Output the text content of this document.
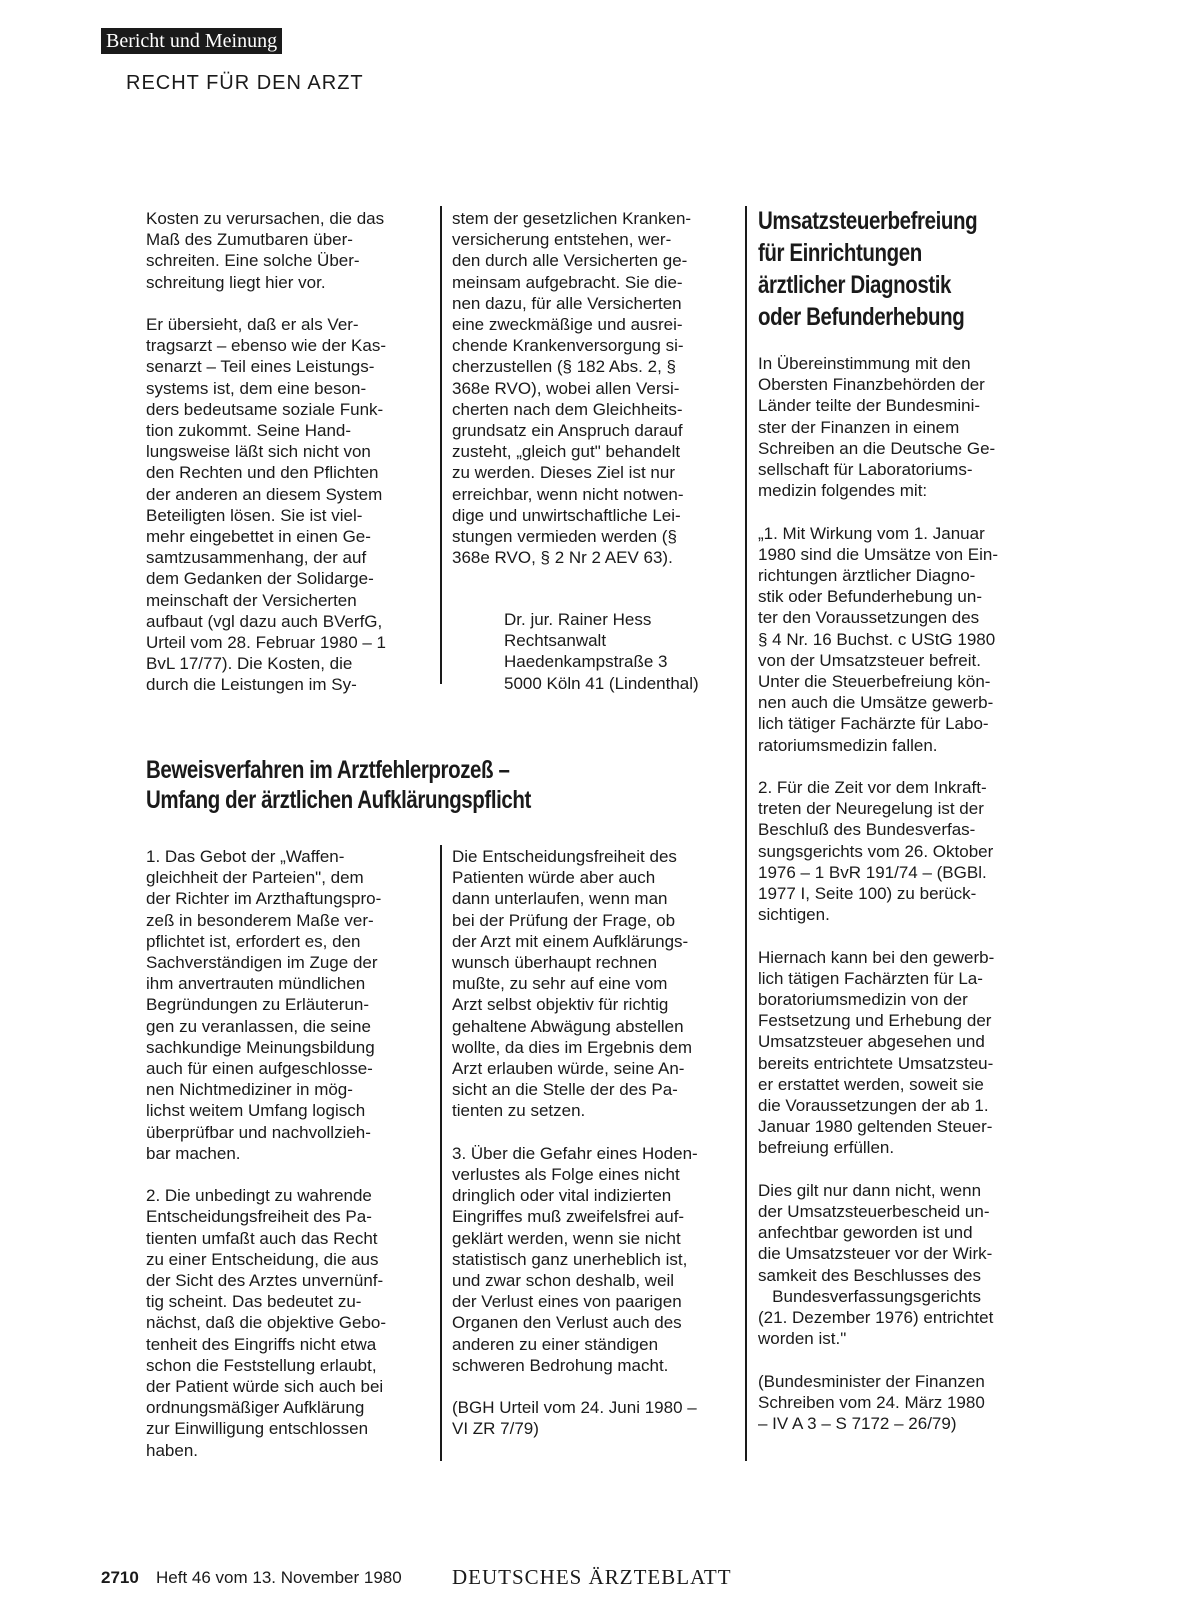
Bericht und Meinung
RECHT FÜR DEN ARZT

Kosten zu verursachen, die das
Maß des Zumutbaren über-
schreiten. Eine solche Über-
schreitung liegt hier vor.

Er übersieht, daß er als Ver-
tragsarzt – ebenso wie der Kas-
senarzt – Teil eines Leistungs-
systems ist, dem eine beson-
ders bedeutsame soziale Funk-
tion zukommt. Seine Hand-
lungsweise läßt sich nicht von
den Rechten und den Pflichten
der anderen an diesem System
Beteiligten lösen. Sie ist viel-
mehr eingebettet in einen Ge-
samtzusammenhang, der auf
dem Gedanken der Solidarge-
meinschaft der Versicherten
aufbaut (vgl dazu auch BVerfG,
Urteil vom 28. Februar 1980 – 1
BvL 17/77). Die Kosten, die
durch die Leistungen im Sy-

stem der gesetzlichen Kranken-
versicherung entstehen, wer-
den durch alle Versicherten ge-
meinsam aufgebracht. Sie die-
nen dazu, für alle Versicherten
eine zweckmäßige und ausrei-
chende Krankenversorgung si-
cherzustellen (§ 182 Abs. 2, §
368e RVO), wobei allen Versi-
cherten nach dem Gleichheits-
grundsatz ein Anspruch darauf
zusteht, „gleich gut" behandelt
zu werden. Dieses Ziel ist nur
erreichbar, wenn nicht notwen-
dige und unwirtschaftliche Lei-
stungen vermieden werden (§
368e RVO, § 2 Nr 2 AEV 63).

Dr. jur. Rainer Hess
Rechtsanwalt
Haedenkampstraße 3
5000 Köln 41 (Lindenthal)
Beweisverfahren im Arztfehlerprozeß –
Umfang der ärztlichen Aufklärungspflicht

1. Das Gebot der „Waffen-
gleichheit der Parteien", dem
der Richter im Arzthaftungspro-
zeß in besonderem Maße ver-
pflichtet ist, erfordert es, den
Sachverständigen im Zuge der
ihm anvertrauten mündlichen
Begründungen zu Erläuterun-
gen zu veranlassen, die seine
sachkundige Meinungsbildung
auch für einen aufgeschlosse-
nen Nichtmediziner in mög-
lichst weitem Umfang logisch
überprüfbar und nachvollzieh-
bar machen.

2. Die unbedingt zu wahrende
Entscheidungsfreiheit des Pa-
tienten umfaßt auch das Recht
zu einer Entscheidung, die aus
der Sicht des Arztes unvernünf-
tig scheint. Das bedeutet zu-
nächst, daß die objektive Gebo-
tenheit des Eingriffs nicht etwa
schon die Feststellung erlaubt,
der Patient würde sich auch bei
ordnungsmäßiger Aufklärung
zur Einwilligung entschlossen
haben.

Die Entscheidungsfreiheit des
Patienten würde aber auch
dann unterlaufen, wenn man
bei der Prüfung der Frage, ob
der Arzt mit einem Aufklärungs-
wunsch überhaupt rechnen
mußte, zu sehr auf eine vom
Arzt selbst objektiv für richtig
gehaltene Abwägung abstellen
wollte, da dies im Ergebnis dem
Arzt erlauben würde, seine An-
sicht an die Stelle der des Pa-
tienten zu setzen.

3. Über die Gefahr eines Hoden-
verlustes als Folge eines nicht
dringlich oder vital indizierten
Eingriffes muß zweifelsfrei auf-
geklärt werden, wenn sie nicht
statistisch ganz unerheblich ist,
und zwar schon deshalb, weil
der Verlust eines von paarigen
Organen den Verlust auch des
anderen zu einer ständigen
schweren Bedrohung macht.

(BGH Urteil vom 24. Juni 1980 –
VI ZR 7/79)

Umsatzsteuerbefreiung
für Einrichtungen
ärztlicher Diagnostik
oder Befunderhebung

In Übereinstimmung mit den
Obersten Finanzbehörden der
Länder teilte der Bundesmini-
ster der Finanzen in einem
Schreiben an die Deutsche Ge-
sellschaft für Laboratoriums-
medizin folgendes mit:

„1. Mit Wirkung vom 1. Januar
1980 sind die Umsätze von Ein-
richtungen ärztlicher Diagno-
stik oder Befunderhebung un-
ter den Voraussetzungen des
§ 4 Nr. 16 Buchst. c UStG 1980
von der Umsatzsteuer befreit.
Unter die Steuerbefreiung kön-
nen auch die Umsätze gewerb-
lich tätiger Fachärzte für Labo-
ratoriumsmedizin fallen.

2. Für die Zeit vor dem Inkraft-
treten der Neuregelung ist der
Beschluß des Bundesverfas-
sungsgerichts vom 26. Oktober
1976 – 1 BvR 191/74 – (BGBl.
1977 I, Seite 100) zu berück-
sichtigen.

Hiernach kann bei den gewerb-
lich tätigen Fachärzten für La-
boratoriumsmedizin von der
Festsetzung und Erhebung der
Umsatzsteuer abgesehen und
bereits entrichtete Umsatzsteu-
er erstattet werden, soweit sie
die Voraussetzungen der ab 1.
Januar 1980 geltenden Steuer-
befreiung erfüllen.

Dies gilt nur dann nicht, wenn
der Umsatzsteuerbescheid un-
anfechtbar geworden ist und
die Umsatzsteuer vor der Wirk-
samkeit des Beschlusses des
Bundesverfassungsgerichts
(21. Dezember 1976) entrichtet
worden ist."

(Bundesminister der Finanzen
Schreiben vom 24. März 1980
– IV A 3 – S 7172 – 26/79)

2710 Heft 46 vom 13. November 1980 DEUTSCHES ÄRZTEBLATT
